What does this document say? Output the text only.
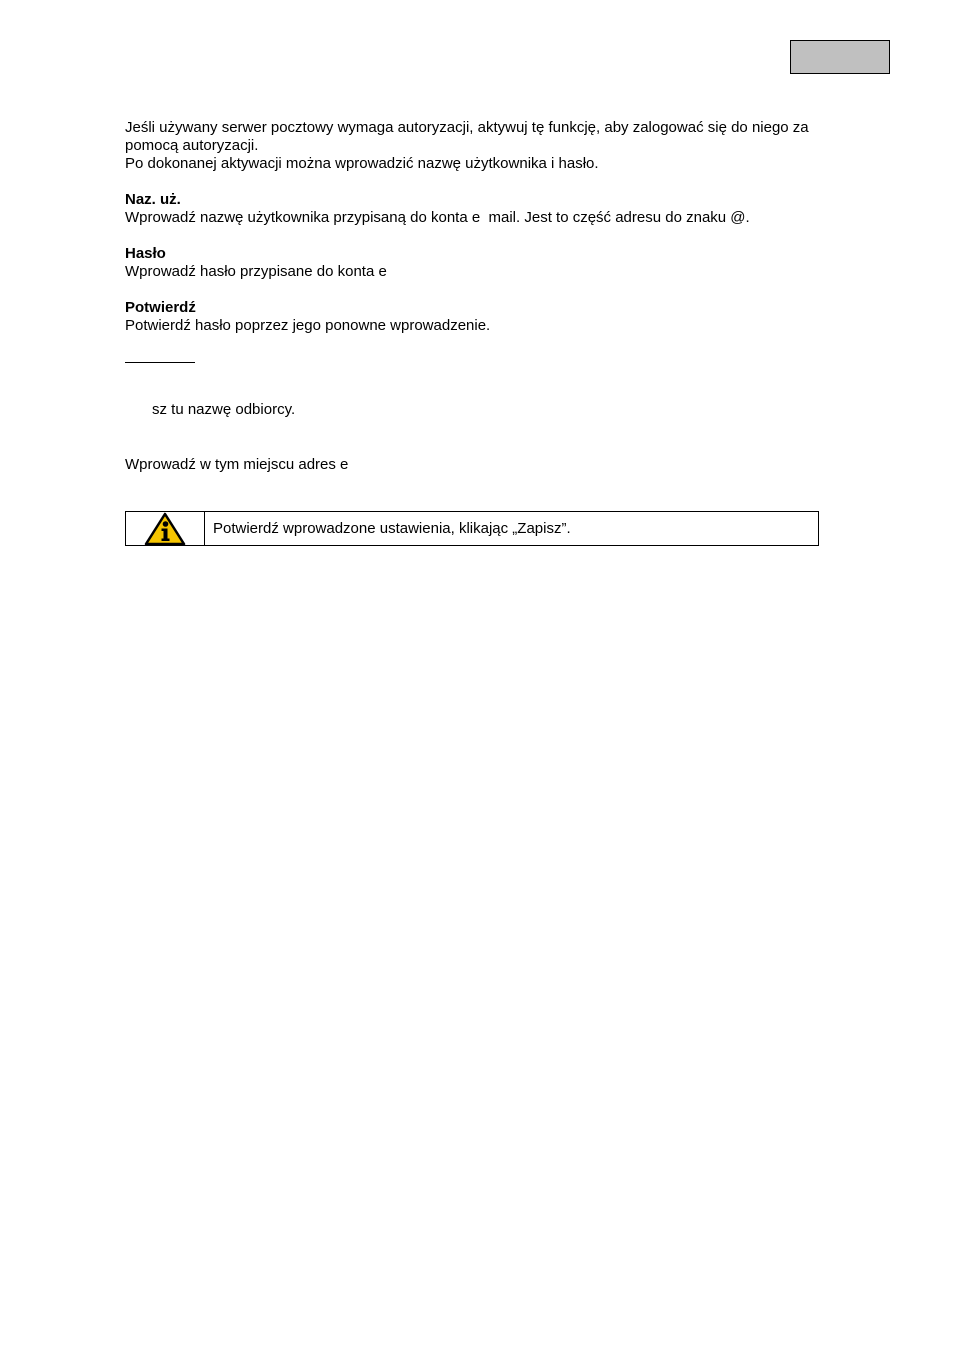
Jeśli używany serwer pocztowy wymaga autoryzacji, aktywuj tę funkcję, aby zalogować się do niego za
pomocą autoryzacji.
Po dokonanej aktywacji można wprowadzić nazwę użytkownika i hasło.
Naz. uż.
Wprowadź nazwę użytkownika przypisaną do konta e  mail. Jest to część adresu do znaku @.
Hasło
Wprowadź hasło przypisane do konta e
Potwierdź
Potwierdź hasło poprzez jego ponowne wprowadzenie.
sz tu nazwę odbiorcy.
Wprowadź w tym miejscu adres e
Potwierdź wprowadzone ustawienia, klikając „Zapisz”.
